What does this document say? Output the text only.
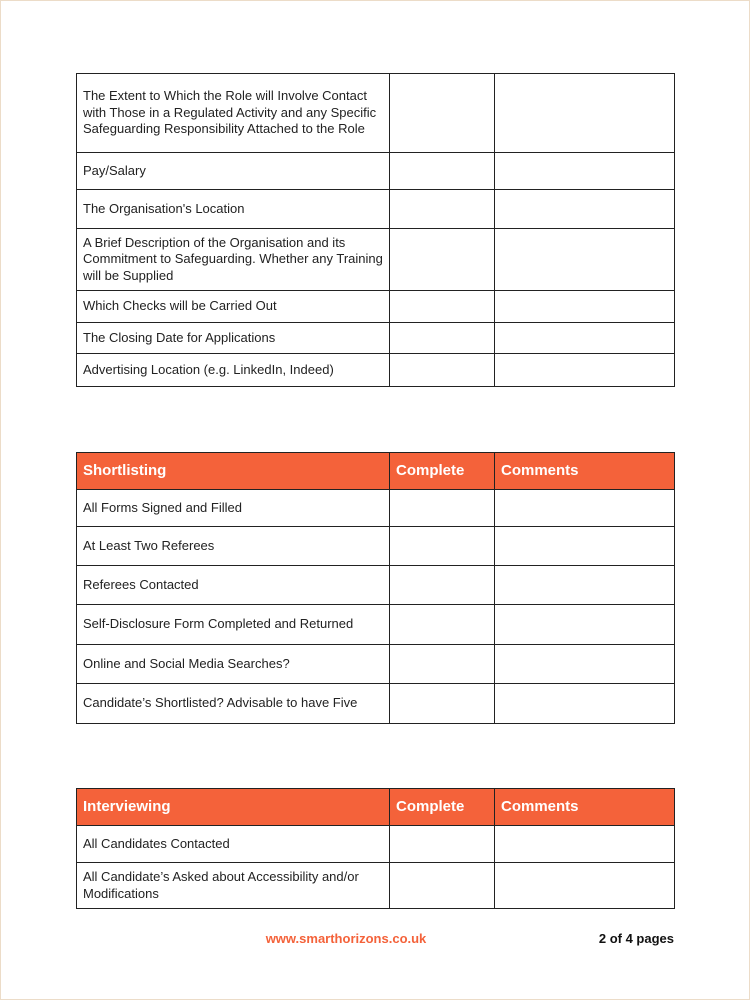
The Extent to Which the Role will Involve Contact with Those in a Regulated Activity and any Specific Safeguarding Responsibility Attached to the Role		
Pay/Salary		
The Organisation's Location		
A Brief Description of the Organisation and its Commitment to Safeguarding. Whether any Training will be Supplied		
Which Checks will be Carried Out		
The Closing Date for Applications		
Advertising Location (e.g. LinkedIn, Indeed)		
Shortlisting	Complete	Comments
All Forms Signed and Filled		
At Least Two Referees		
Referees Contacted		
Self-Disclosure Form Completed and Returned		
Online and Social Media Searches?		
Candidate’s Shortlisted? Advisable to have Five		
Interviewing	Complete	Comments
All Candidates Contacted		
All Candidate’s Asked about Accessibility and/or Modifications		
www.smarthorizons.co.uk	2 of 4 pages
